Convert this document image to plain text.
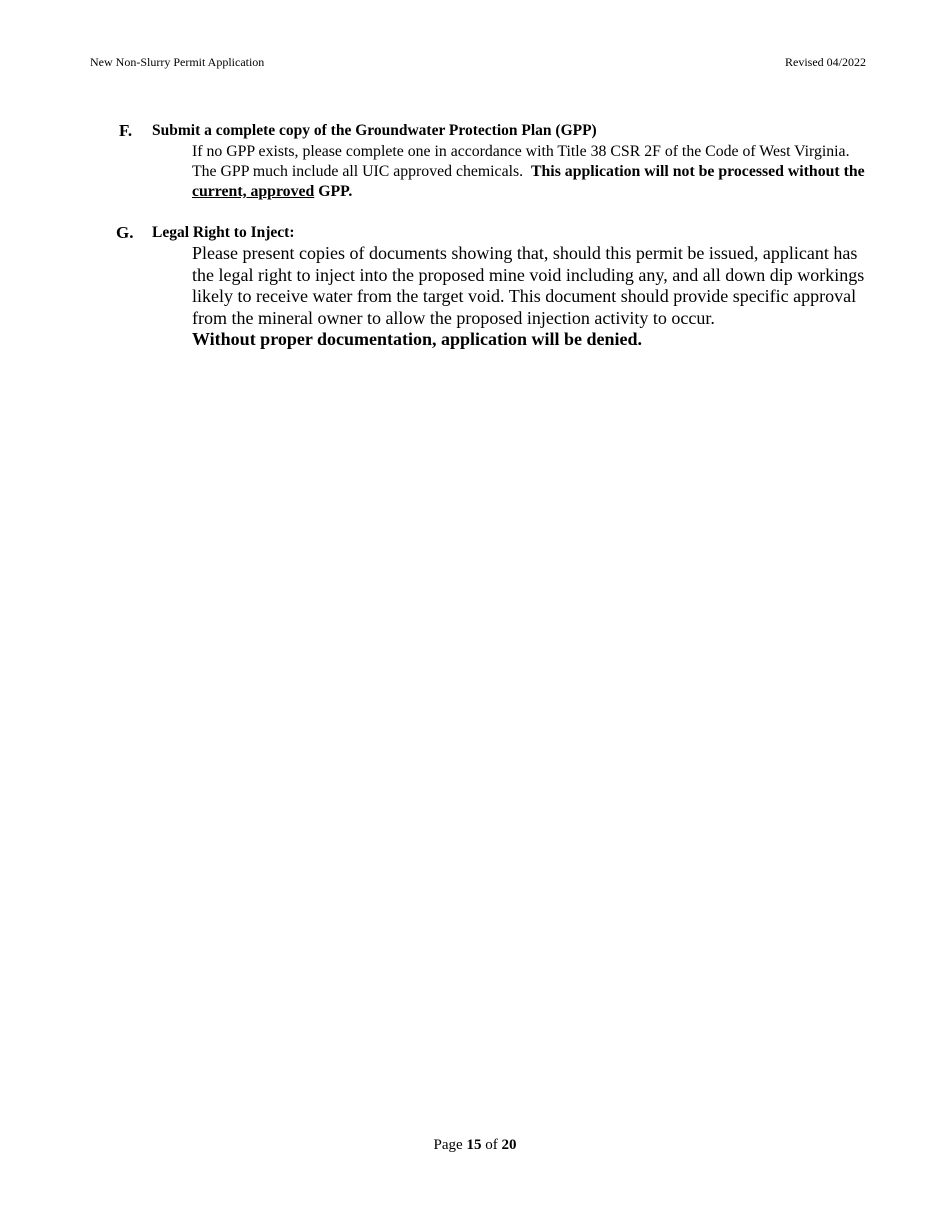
New Non-Slurry Permit Application	Revised 04/2022
F. Submit a complete copy of the Groundwater Protection Plan (GPP)
If no GPP exists, please complete one in accordance with Title 38 CSR 2F of the Code of West Virginia. The GPP much include all UIC approved chemicals. This application will not be processed without the current, approved GPP.
G. Legal Right to Inject:
Please present copies of documents showing that, should this permit be issued, applicant has the legal right to inject into the proposed mine void including any, and all down dip workings likely to receive water from the target void. This document should provide specific approval from the mineral owner to allow the proposed injection activity to occur.
Without proper documentation, application will be denied.
Page 15 of 20
